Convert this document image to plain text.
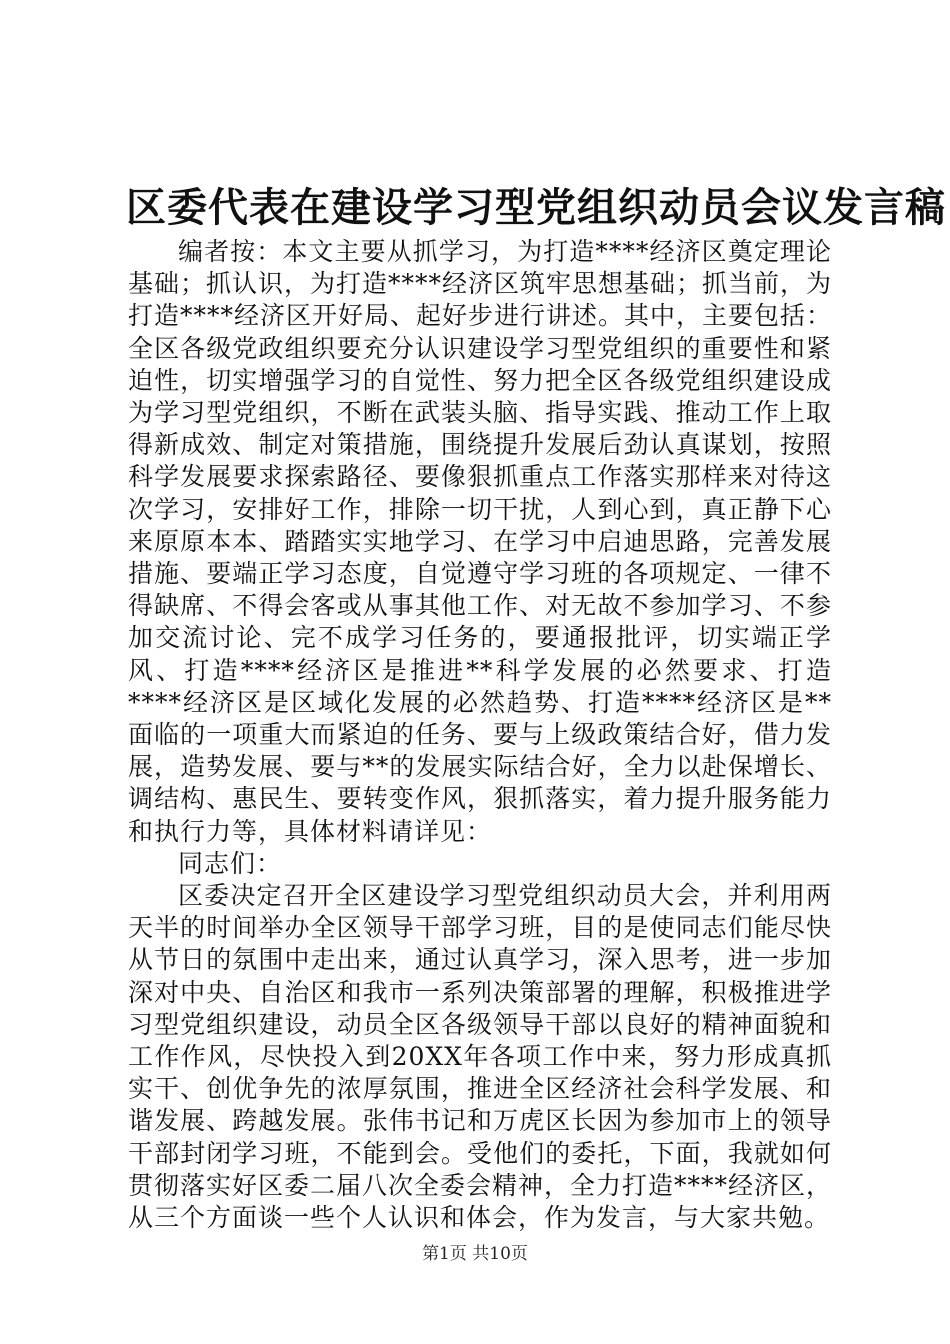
区委代表在建设学习型党组织动员会议发言稿

编者按：本文主要从抓学习，为打造****经济区奠定理论基础；抓认识，为打造****经济区筑牢思想基础；抓当前，为打造****经济区开好局、起好步进行讲述。其中，主要包括：全区各级党政组织要充分认识建设学习型党组织的重要性和紧迫性，切实增强学习的自觉性、努力把全区各级党组织建设成为学习型党组织，不断在武装头脑、指导实践、推动工作上取得新成效、制定对策措施，围绕提升发展后劲认真谋划，按照科学发展要求探索路径、要像狠抓重点工作落实那样来对待这次学习，安排好工作，排除一切干扰，人到心到，真正静下心来原原本本、踏踏实实地学习、在学习中启迪思路，完善发展措施、要端正学习态度，自觉遵守学习班的各项规定、一律不得缺席、不得会客或从事其他工作、对无故不参加学习、不参加交流讨论、完不成学习任务的，要通报批评，切实端正学风、打造****经济区是推进**科学发展的必然要求、打造****经济区是区域化发展的必然趋势、打造****经济区是**面临的一项重大而紧迫的任务、要与上级政策结合好，借力发展，造势发展、要与**的发展实际结合好，全力以赴保增长、调结构、惠民生、要转变作风，狠抓落实，着力提升服务能力和执行力等，具体材料请详见：

同志们：

区委决定召开全区建设学习型党组织动员大会，并利用两天半的时间举办全区领导干部学习班，目的是使同志们能尽快从节日的氛围中走出来，通过认真学习，深入思考，进一步加深对中央、自治区和我市一系列决策部署的理解，积极推进学习型党组织建设，动员全区各级领导干部以良好的精神面貌和工作作风，尽快投入到20XX年各项工作中来，努力形成真抓实干、创优争先的浓厚氛围，推进全区经济社会科学发展、和谐发展、跨越发展。张伟书记和万虎区长因为参加市上的领导干部封闭学习班，不能到会。受他们的委托，下面，我就如何贯彻落实好区委二届八次全委会精神，全力打造****经济区，从三个方面谈一些个人认识和体会，作为发言，与大家共勉。

第1页 共10页
